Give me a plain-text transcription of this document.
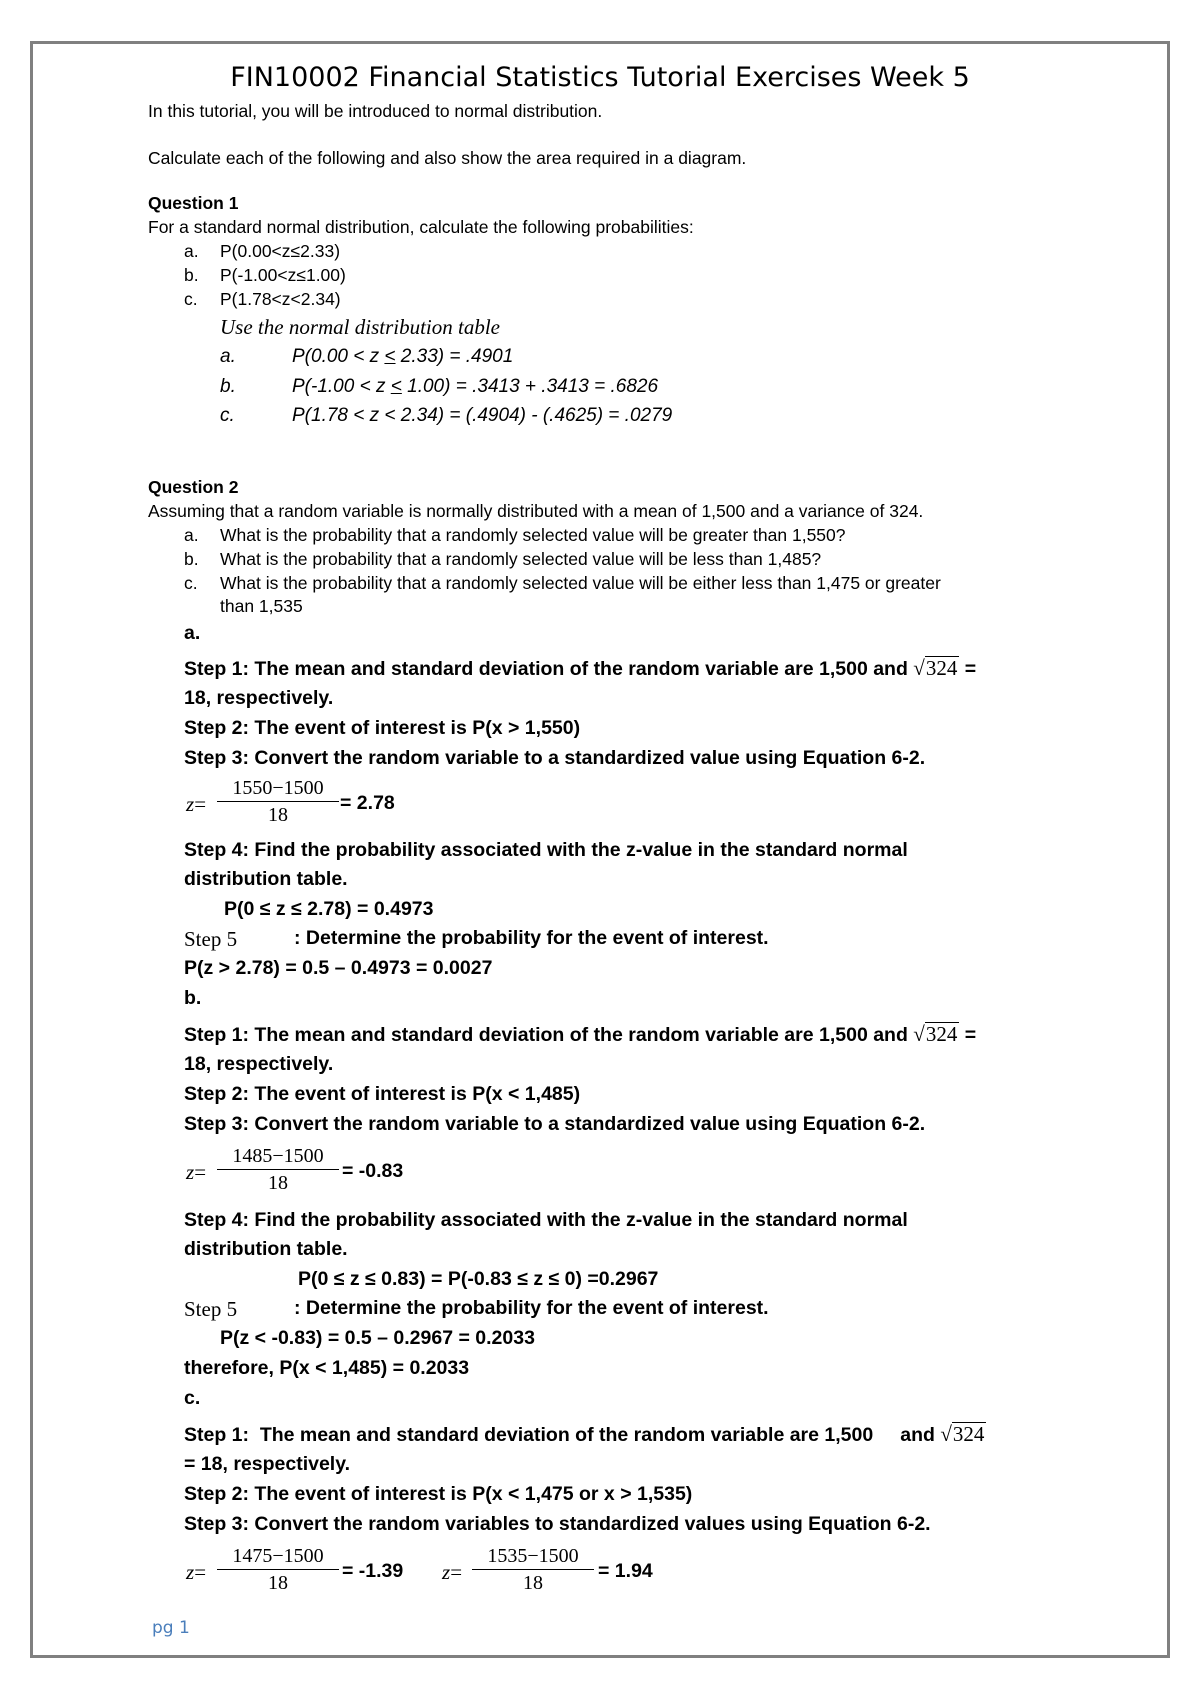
FIN10002 Financial Statistics Tutorial Exercises Week 5
In this tutorial, you will be introduced to normal distribution.
Calculate each of the following and also show the area required in a diagram.
Question 1
For a standard normal distribution, calculate the following probabilities:
a. P(0.00<z≤2.33)
b. P(-1.00<z≤1.00)
c. P(1.78<z<2.34)
Use the normal distribution table
a.	P(0.00 < z < 2.33) = .4901
b.	P(-1.00 < z < 1.00) = .3413 + .3413 = .6826
c.	P(1.78 < z < 2.34) = (.4904) - (.4625) = .0279
Question 2
Assuming that a random variable is normally distributed with a mean of 1,500 and a variance of 324.
a. What is the probability that a randomly selected value will be greater than 1,550?
b. What is the probability that a randomly selected value will be less than 1,485?
c. What is the probability that a randomly selected value will be either less than 1,475 or greater
than 1,535
a.
Step 1: The mean and standard deviation of the random variable are 1,500 and √324 =
18, respectively.
Step 2: The event of interest is P(x > 1,550)
Step 3: Convert the random variable to a standardized value using Equation 6-2.
$z= \frac{1550-1500}{18} = 2.78$
Step 4: Find the probability associated with the z-value in the standard normal
distribution table.
P(0 ≤ z ≤ 2.78) = 0.4973
Step 5	: Determine the probability for the event of interest.
P(z > 2.78) = 0.5 – 0.4973 = 0.0027
b.
Step 1: The mean and standard deviation of the random variable are 1,500 and √324 =
18, respectively.
Step 2: The event of interest is P(x < 1,485)
Step 3: Convert the random variable to a standardized value using Equation 6-2.
$z= \frac{1485-1500}{18} = -0.83$
Step 4: Find the probability associated with the z-value in the standard normal
distribution table.
P(0 ≤ z ≤ 0.83) = P(-0.83 ≤ z ≤ 0) =0.2967
Step 5	: Determine the probability for the event of interest.
P(z < -0.83) = 0.5 – 0.2967 = 0.2033
therefore, P(x < 1,485) = 0.2033
c.
Step 1:  The mean and standard deviation of the random variable are 1,500     and √324
= 18, respectively.
Step 2: The event of interest is P(x < 1,475 or x > 1,535)
Step 3: Convert the random variables to standardized values using Equation 6-2.
$z= \frac{1475-1500}{18} = -1.39$ $z= \frac{1535-1500}{18} = 1.94$
pg 1
